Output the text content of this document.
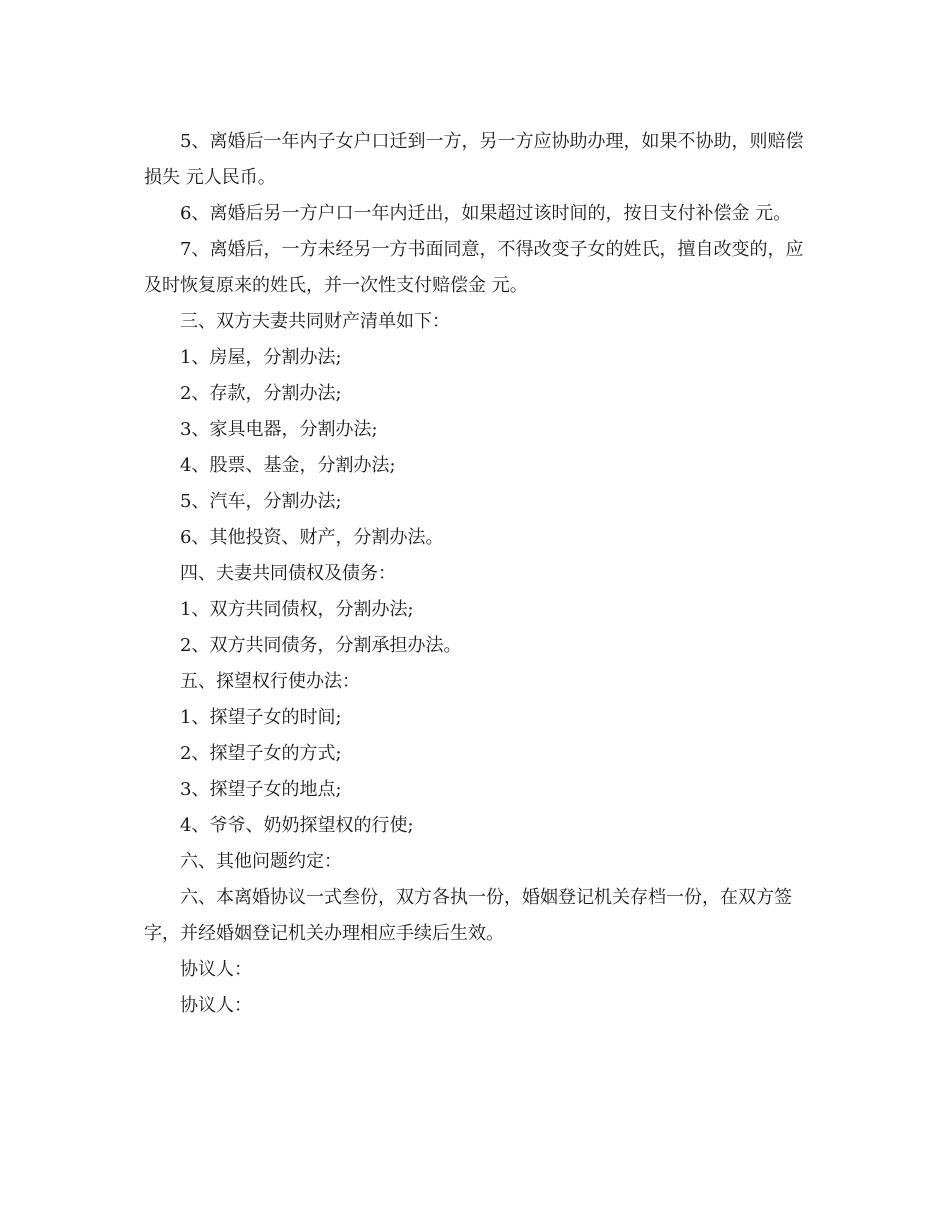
5、离婚后一年内子女户口迁到一方，另一方应协助办理，如果不协助，则赔偿损失 元人民币。

6、离婚后另一方户口一年内迁出，如果超过该时间的，按日支付补偿金 元。

7、离婚后，一方未经另一方书面同意，不得改变子女的姓氏，擅自改变的，应及时恢复原来的姓氏，并一次性支付赔偿金 元。

三、双方夫妻共同财产清单如下：

1、房屋，分割办法;

2、存款，分割办法;

3、家具电器，分割办法;

4、股票、基金，分割办法;

5、汽车，分割办法;

6、其他投资、财产，分割办法。

四、夫妻共同债权及债务：

1、双方共同债权，分割办法;

2、双方共同债务，分割承担办法。

五、探望权行使办法：

1、探望子女的时间;

2、探望子女的方式;

3、探望子女的地点;

4、爷爷、奶奶探望权的行使;

六、其他问题约定：

六、本离婚协议一式叁份，双方各执一份，婚姻登记机关存档一份，在双方签字，并经婚姻登记机关办理相应手续后生效。

协议人：

协议人：
